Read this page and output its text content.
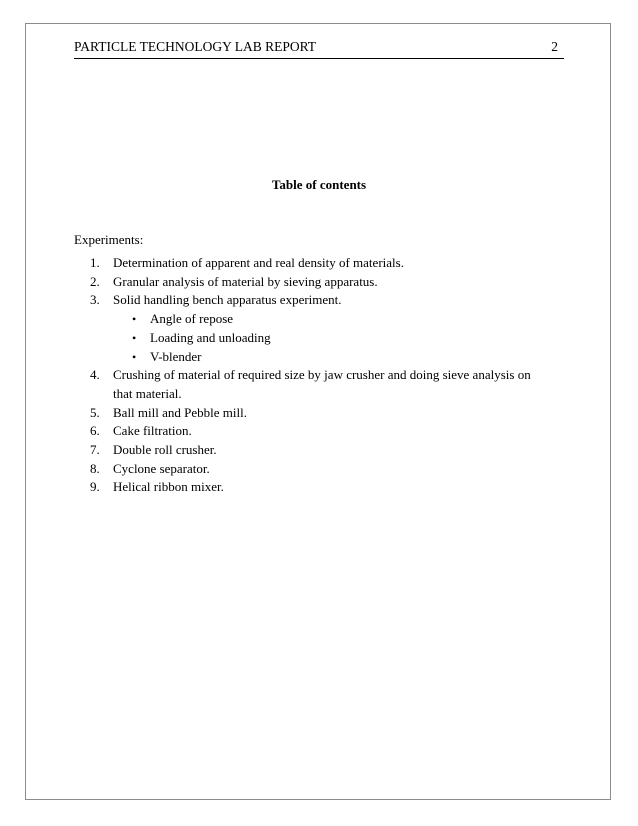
PARTICLE TECHNOLOGY LAB REPORT	2
Table of contents
Experiments:
1. Determination of apparent and real density of materials.
2. Granular analysis of material by sieving apparatus.
3. Solid handling bench apparatus experiment.
• Angle of repose
• Loading and unloading
• V-blender
4. Crushing of material of required size by jaw crusher and doing sieve analysis on that material.
5. Ball mill and Pebble mill.
6. Cake filtration.
7. Double roll crusher.
8. Cyclone separator.
9. Helical ribbon mixer.
